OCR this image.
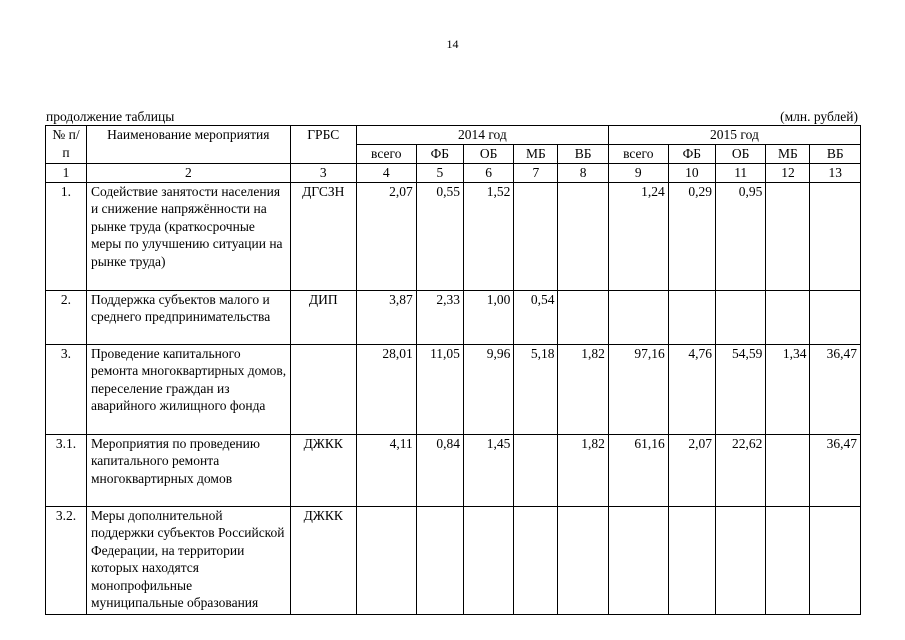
14
продолжение таблицы	(млн. рублей)
№ п/п	Наименование мероприятия	ГРБС	2014 год					2015 год				
			всего	ФБ	ОБ	МБ	ВБ	всего	ФБ	ОБ	МБ	ВБ
1	2	3	4	5	6	7	8	9	10	11	12	13
1.	Содействие занятости населения и снижение напряжённости на рынке труда (краткосрочные меры по улучшению ситуации на рынке труда)	ДГСЗН	2,07	0,55	1,52			1,24	0,29	0,95		
2.	Поддержка субъектов малого и среднего предпринимательства	ДИП	3,87	2,33	1,00	0,54						
3.	Проведение капитального ремонта многоквартирных домов, переселение граждан из аварийного жилищного фонда		28,01	11,05	9,96	5,18	1,82	97,16	4,76	54,59	1,34	36,47
3.1.	Мероприятия по проведению капитального ремонта многоквартирных домов	ДЖКК	4,11	0,84	1,45		1,82	61,16	2,07	22,62		36,47
3.2.	Меры дополнительной поддержки субъектов Российской Федерации, на территории которых находятся монопрофильные муниципальные образования	ДЖКК										
